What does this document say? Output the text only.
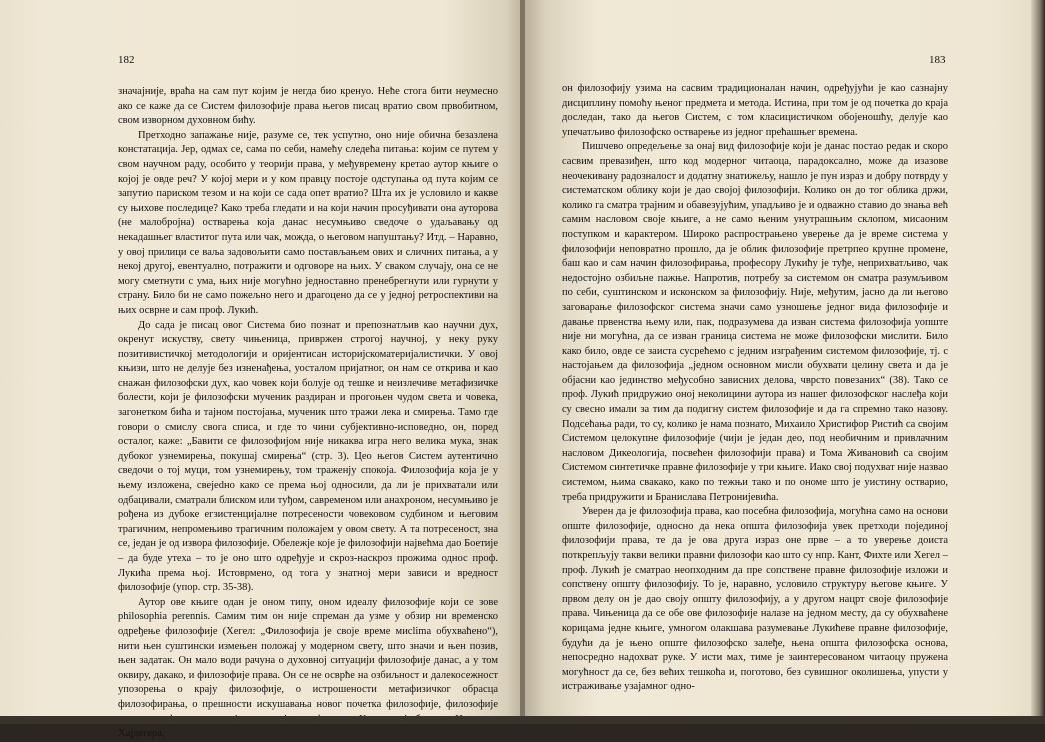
182

значајније, враћа на сам пут којим је негда био кренуо. Неће стога бити неумесно ако се каже да се Систем филозофије права његов писац вратио свом првобитном, свом изворном духовном бићу.

Претходно запажање није, разуме се, тек успутно, оно није обична безазлена констатација. Јер, одмах се, сама по себи, намећу следећа питања: којим се путем у свом научном раду, особито у теорији права, у међувремену кретао аутор књиге о којој је овде реч? У којој мери и у ком правцу постоје одступања од пута којим се запутио париском тезом и на који се сада опет вратио? Шта их је условило и какве су њихове последице? Како треба гледати и на који начин просуђивати она ауторова (не малобројна) остварења која данас несумњиво сведоче о удаљавању од некадашњег властитог пута или чак, можда, о његовом напуштању? Итд. – Наравно, у овој прилици се ваља задовољити само постављањем ових и сличних питања, а у некој другој, евентуално, потражити и одговоре на њих. У сваком случају, она се не могу сметнути с ума, њих није могућно једноставно пренебрегнути или гурнути у страну. Било би не само пожељно него и драгоцено да се у једној ретроспективи на њих осврне и сам проф. Лукић.

До сада је писац овог Система био познат и препознатљив као научни дух, окренут искуству, свету чињеница, привржен строгој научној, у неку руку позитивистичкој методологији и оријентисан историјскоматеријалистички. У овој књизи, што не делује без изненађења, уосталом пријатног, он нам се открива и као снажан филозофски дух, као човек који болује од тешке и неизлечиве метафизичке болести, који је филозофски мученик раздиран и прогоњен чудом света и човека, загонетком бића и тајном постојања, мученик што тражи лека и смирења. Тамо где говори о смислу свога списа, и где то чини субјективно-исповедно, он, поред осталог, каже: „Бавити се филозофијом није никаква игра него велика мука, знак дубоког узнемирења, покушај смирења“ (стр. 3). Цео његов Систем аутентично сведочи о тој муци, том узнемирењу, том траженју спокоја. Филозофија која је у њему изложена, свејedно како се према њој односили, да ли је прихватали или одбацивали, сматрали блиском или туђом, савременом или анахроном, несумњиво је рођена из дубоке егзистенцијалне потресености човековом судбином и његовим трагичним, непромењиво трагичним положајем у овом свету. А та потресеност, зна се, један је од извора филозофије. Обележје које је филозофији највећма дао Боетије – да буде утеха – то је оно што одређује и скроз-наскроз прожима однос проф. Лукића према њој. Истоврмено, од тога у знатној мери зависи и вредност филозофије (упор. стр. 35-38).

Аутор ове књиге одан је оном типу, оном идеалу филозофије који се зове philosophia perennis. Самим тим он није спреман да узме у обзир ни временско одређење филозофије (Хегел: „Филозофија је своје време мисlima обухваћено“), нити њен суштински измењен положај у модерном свету, што значи и њен позив, њен задатак. Он мало води рачуна о духовној ситуацији филозофије данас, а у том оквиру, дакако, и филозофије права. Он се не осврће на озбиљност и далекосежност упозорења о крају филозофије, о истрошености метафизичког обрасца филозофирања, о прешности искушавања новог почетка филозофије, филозофије Хајдегера,

183

он филозофију узима на сасвим традиционалан начин, одређујући је као сазнајну дисциплину помоћу њеног предмета и метода. Истина, при том је од почетка до краја доследан, тако да његов Систем, с том класицистичком обојеношћу, делује као упечатљиво филозофско остварење из једног прећашњег времена.

Пишчево опредељење за онај вид филозофије који је данас постао редак и скоро сасвим превазиђен, што код модерног читаоца, парадоксално, може да изазове неочекивану радозналост и додатну знатижељу, нашло је пун израз и добру потврду у систематском облику који је дао својој филозофији. Колико он до тог облика држи, колико га сматра трајним и обавезујућим, упадљиво је и одважно ставио до знања већ самим насловом своје књиге, а не само њеним унутрашњим склопом, мисаоним поступком и карактером. Широко распрострањено уверење да је време система у филозофији неповратно прошло, да је облик филозофије претрпео крупне промене, баш као и сам начин филозофирања, професору Лукићу је туђе, неприхватљиво, чак недостојно озбиљне пажње. Напротив, потребу за системом он сматра разумљивом по себи, суштинском и исконском за филозофију. Није, међутим, јасно да ли његово заговарање филозофског система значи само узношење једног вида филозофије и давање првенства њему или, пак, подразумева да изван система филозофија уопште није ни могућна, да се изван граница система не може филозофски мислити. Било како било, овде се заиста сусрећемо с једним изграђеним системом филозофије, тј. с настојањем да филозофија „једном основном мисли обухвати целину света и да је објасни као јединство међусобно зависних делова, чврсто повезаних“ (38). Тако се проф. Лукић придружио оној неколицини аутора из нашег филозофског наслеђа који су свесно имали за тим да подигну систем филозофије и да га спремно тако назову. Подсећања ради, то су, колико је нама познато, Михаило Христифор Ристић са својим Системом целокупне филозофије (чији је један део, под необичним и привлачним насловом Дикеологија, посвећен филозофији права) и Тома Живановић са својим Системом синтетичке правне филозофије у три књиге. Иако свој подухват није назвао системом, њима свакако, како по тежњи тако и по ономе што је уистину остварио, треба придружити и Бранислава Петронијевића.

Уверен да је филозофија права, као посебна филозофија, могућна само на основи опште филозофије, односно да нека општа филозофија увек претходи појединој филозофији права, те да је ова друга израз оне прве – а то уверење доиста поткрепљују такви велики правни филозофи као што су нпр. Кант, Фихте или Хегел – проф. Лукић је сматрао неопходним да пре сопствене правне филозофије изложи и сопствену општу филозофију. То је, наравно, условило структуру његове књиге. У првом делу он је дао своју општу филозофију, а у другом нацрт своје филозофије права. Чињеница да се обе ове филозофије налазе на једном месту, да су обухваћене корицама једне књиге, умногом олакшава разумевање Лукићеве правне филозофије, будући да је њено опште филозофско залеђе, њена општа филозофска основа, непосредно надохват руке. У исти мах, тиме је заинтересованом читаоцу пружена могућност да се, без већих тешкоћа и, поготово, без сувишног околишења, упусти у истраживање узајамног одно-
